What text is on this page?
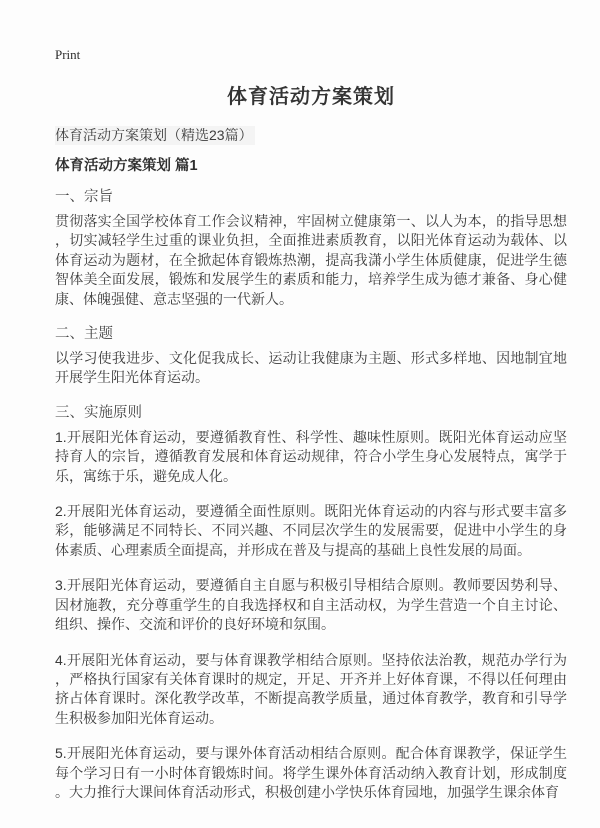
Print
体育活动方案策划
体育活动方案策划（精选23篇）
体育活动方案策划 篇1
一、宗旨

贯彻落实全国学校体育工作会议精神，牢固树立健康第一、以人为本，的指导思想，切实减轻学生过重的课业负担，全面推进素质教育，以阳光体育运动为载体、以体育运动为题材，在全掀起体育锻炼热潮，提高我潇小学生体质健康，促进学生德智体美全面发展，锻炼和发展学生的素质和能力，培养学生成为德才兼备、身心健康、体魄强健、意志坚强的一代新人。

二、主题

以学习使我进步、文化促我成长、运动让我健康为主题、形式多样地、因地制宜地开展学生阳光体育运动。

三、实施原则

1.开展阳光体育运动，要遵循教育性、科学性、趣味性原则。既阳光体育运动应坚持育人的宗旨，遵循教育发展和体育运动规律，符合小学生身心发展特点，寓学于乐，寓练于乐，避免成人化。

2.开展阳光体育运动，要遵循全面性原则。既阳光体育运动的内容与形式要丰富多彩，能够满足不同特长、不同兴趣、不同层次学生的发展需要，促进中小学生的身体素质、心理素质全面提高，并形成在普及与提高的基础上良性发展的局面。

3.开展阳光体育运动，要遵循自主自愿与积极引导相结合原则。教师要因势利导、因材施教，充分尊重学生的自我选择权和自主活动权，为学生营造一个自主讨论、组织、操作、交流和评价的良好环境和氛围。

4.开展阳光体育运动，要与体育课教学相结合原则。坚持依法治教，规范办学行为，严格执行国家有关体育课时的规定，开足、开齐并上好体育课，不得以任何理由挤占体育课时。深化教学改革，不断提高教学质量，通过体育教学，教育和引导学生积极参加阳光体育运动。

5.开展阳光体育运动，要与课外体育活动相结合原则。配合体育课教学，保证学生每个学习日有一小时体育锻炼时间。将学生课外体育活动纳入教育计划，形成制度。大力推行大课间体育活动形式，积极创建小学快乐体育园地，加强学生课余体育
